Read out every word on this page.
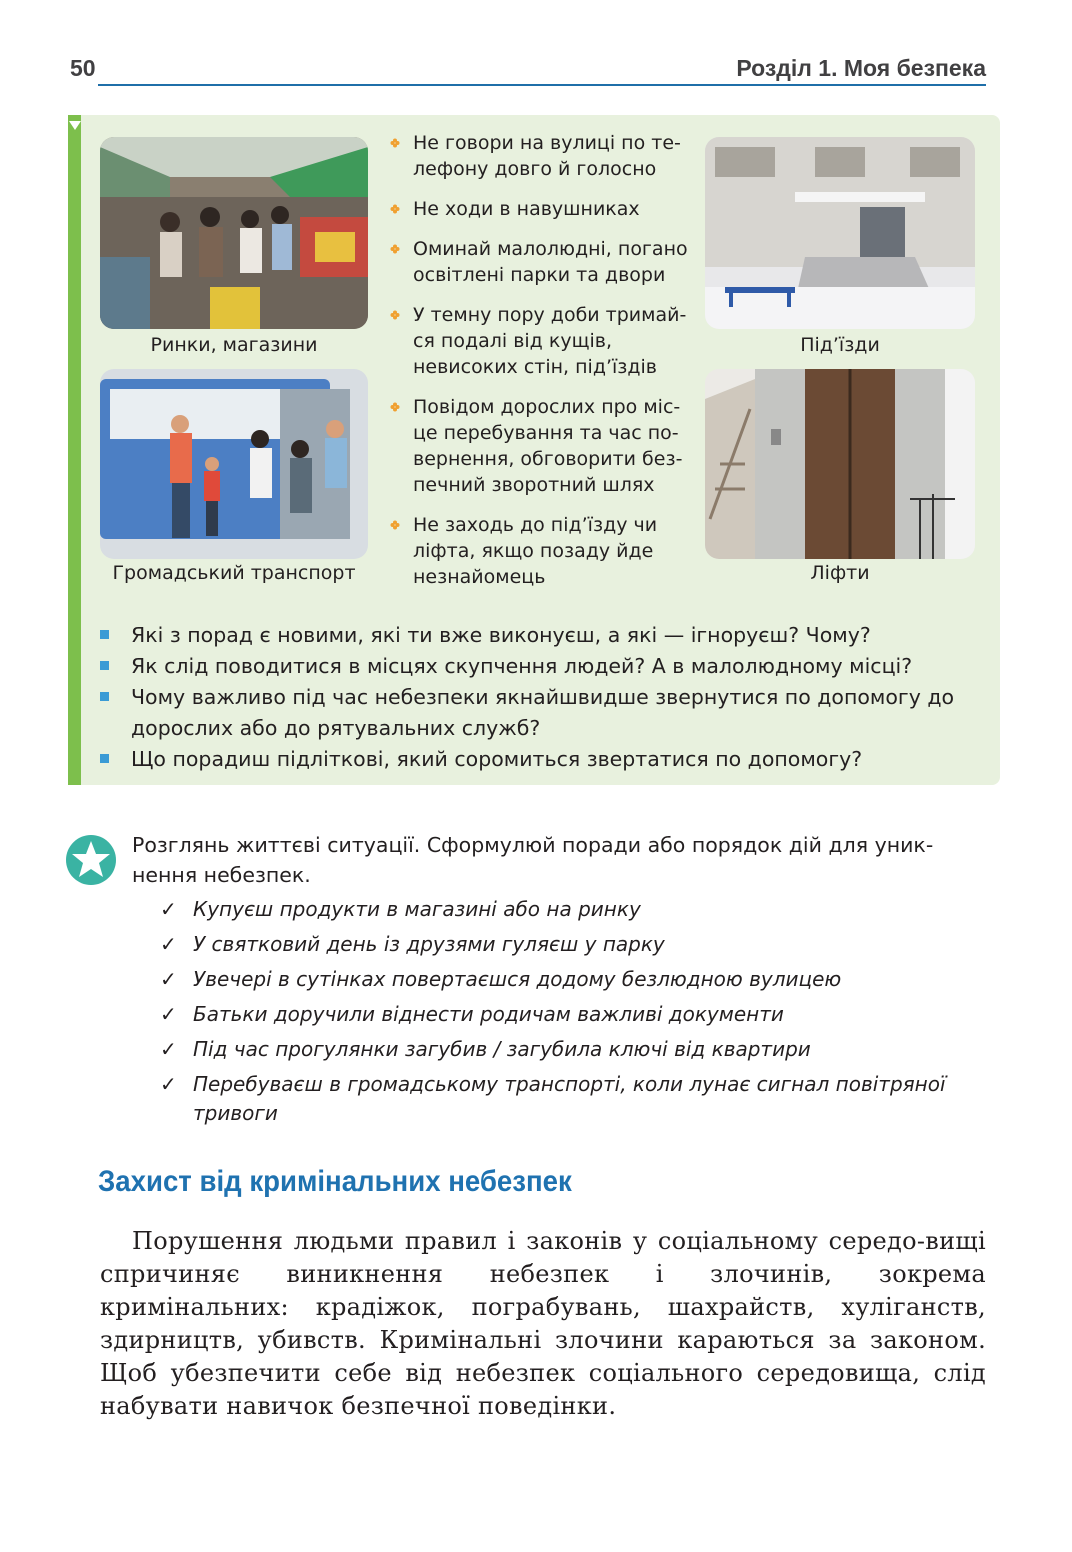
50	Розділ 1. Моя безпека
Ринки, магазини
Громадський транспорт
Під’їзди
Ліфти
Не говори на вулиці по телефону довго й голосно
Не ходи в навушниках
Оминай малолюдні, погано освітлені парки та двори
У темну пору доби тримайся подалі від кущів, невисоких стін, під’їздів
Повідом дорослих про місце перебування та час повернення, обговорити безпечний зворотний шлях
Не заходь до під’їзду чи ліфта, якщо позаду йде незнайомець
Які з порад є новими, які ти вже виконуєш, а які — ігноруєш? Чому?
Як слід поводитися в місцях скупчення людей? А в малолюдному місці?
Чому важливо під час небезпеки якнайшвидше звернутися по допомогу до дорослих або до рятувальних служб?
Що порадиш підліткові, який соромиться звертатися по допомогу?
Розглянь життєві ситуації. Сформулюй поради або порядок дій для уникнення небезпек.
✓ Купуєш продукти в магазині або на ринку
✓ У святковий день із друзями гуляєш у парку
✓ Увечері в сутінках повертаєшся додому безлюдною вулицею
✓ Батьки доручили віднести родичам важливі документи
✓ Під час прогулянки загубив / загубила ключі від квартири
✓ Перебуваєш в громадському транспорті, коли лунає сигнал повітряної тривоги
Захист від кримінальних небезпек

Порушення людьми правил і законів у соціальному середо-вищі спричиняє виникнення небезпек і злочинів, зокрема кримінальних: крадіжок, пограбувань, шахрайств, хуліганств, здирництв, убивств. Кримінальні злочини караються за законом. Щоб убезпечити себе від небезпек соціального середовища, слід набувати навичок безпечної поведінки.
